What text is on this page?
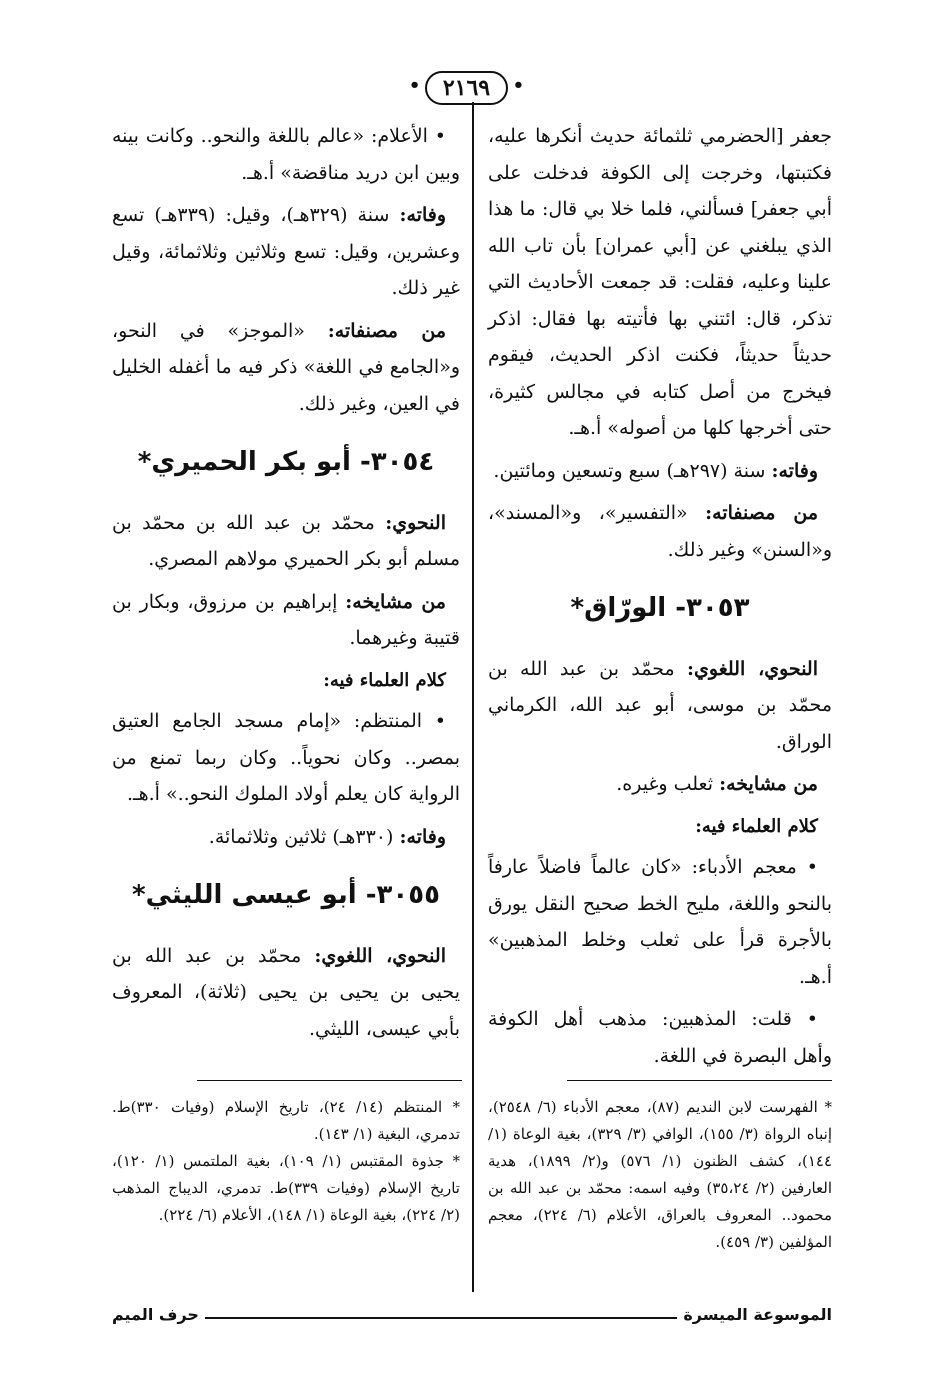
• ٢١٦٩ •

جعفر [الحضرمي ثلثمائة حديث أنكرها عليه، فكتبتها، وخرجت إلى الكوفة فدخلت على أبي جعفر] فسألني، فلما خلا بي قال: ما هذا الذي يبلغني عن [أبي عمران] بأن تاب الله علينا وعليه، فقلت: قد جمعت الأحاديث التي تذكر، قال: ائتني بها فأتيته بها فقال: اذكر حديثاً حديثاً، فكنت اذكر الحديث، فيقوم فيخرج من أصل كتابه في مجالس كثيرة، حتى أخرجها كلها من أصوله» أ.هـ.

وفاته: سنة (٢٩٧هـ) سبع وتسعين ومائتين.

من مصنفاته: «التفسير»، و«المسند»، و«السنن» وغير ذلك.

٣٠٥٣- الورّاق*

النحوي، اللغوي: محمّد بن عبد الله بن محمّد بن موسى، أبو عبد الله، الكرماني الوراق.

من مشايخه: ثعلب وغيره.

كلام العلماء فيه:

• معجم الأدباء: «كان عالماً فاضلاً عارفاً بالنحو واللغة، مليح الخط صحيح النقل يورق بالأجرة قرأ على ثعلب وخلط المذهبين» أ.هـ.

• قلت: المذهبين: مذهب أهل الكوفة وأهل البصرة في اللغة.

• الأعلام: «عالم باللغة والنحو.. وكانت بينه وبين ابن دريد مناقضة» أ.هـ.

وفاته: سنة (٣٢٩هـ)، وقيل: (٣٣٩هـ) تسع وعشرين، وقيل: تسع وثلاثين وثلاثمائة، وقيل غير ذلك.

من مصنفاته: «الموجز» في النحو، و«الجامع في اللغة» ذكر فيه ما أغفله الخليل في العين، وغير ذلك.

٣٠٥٤- أبو بكر الحميري*

النحوي: محمّد بن عبد الله بن محمّد بن مسلم أبو بكر الحميري مولاهم المصري.

من مشايخه: إبراهيم بن مرزوق، وبكار بن قتيبة وغيرهما.

كلام العلماء فيه:

• المنتظم: «إمام مسجد الجامع العتيق بمصر.. وكان نحوياً.. وكان ربما تمنع من الرواية كان يعلم أولاد الملوك النحو..» أ.هـ.

وفاته: (٣٣٠هـ) ثلاثين وثلاثمائة.

٣٠٥٥- أبو عيسى الليثي*

النحوي، اللغوي: محمّد بن عبد الله بن يحيى بن يحيى بن يحيى (ثلاثة)، المعروف بأبي عيسى، الليثي.

* الفهرست لابن النديم (٨٧)، معجم الأدباء (٦/ ٢٥٤٨)، إنباه الرواة (٣/ ١٥٥)، الوافي (٣/ ٣٢٩)، بغية الوعاة (١/ ١٤٤)، كشف الظنون (١/ ٥٧٦) و(٢/ ١٨٩٩)، هدية العارفين (٢/ ٣٥،٢٤) وفيه اسمه: محمّد بن عبد الله بن محمود.. المعروف بالعراق، الأعلام (٦/ ٢٢٤)، معجم المؤلفين (٣/ ٤٥٩).

* المنتظم (١٤/ ٢٤)، تاريخ الإسلام (وفيات ٣٣٠)ط. تدمري، البغية (١/ ١٤٣).

* جذوة المقتبس (١/ ١٠٩)، بغية الملتمس (١/ ١٢٠)، تاريخ الإسلام (وفيات ٣٣٩)ط. تدمري، الديباج المذهب (٢/ ٢٢٤)، بغية الوعاة (١/ ١٤٨)، الأعلام (٦/ ٢٢٤).

الموسوعة الميسرة
حرف الميم
